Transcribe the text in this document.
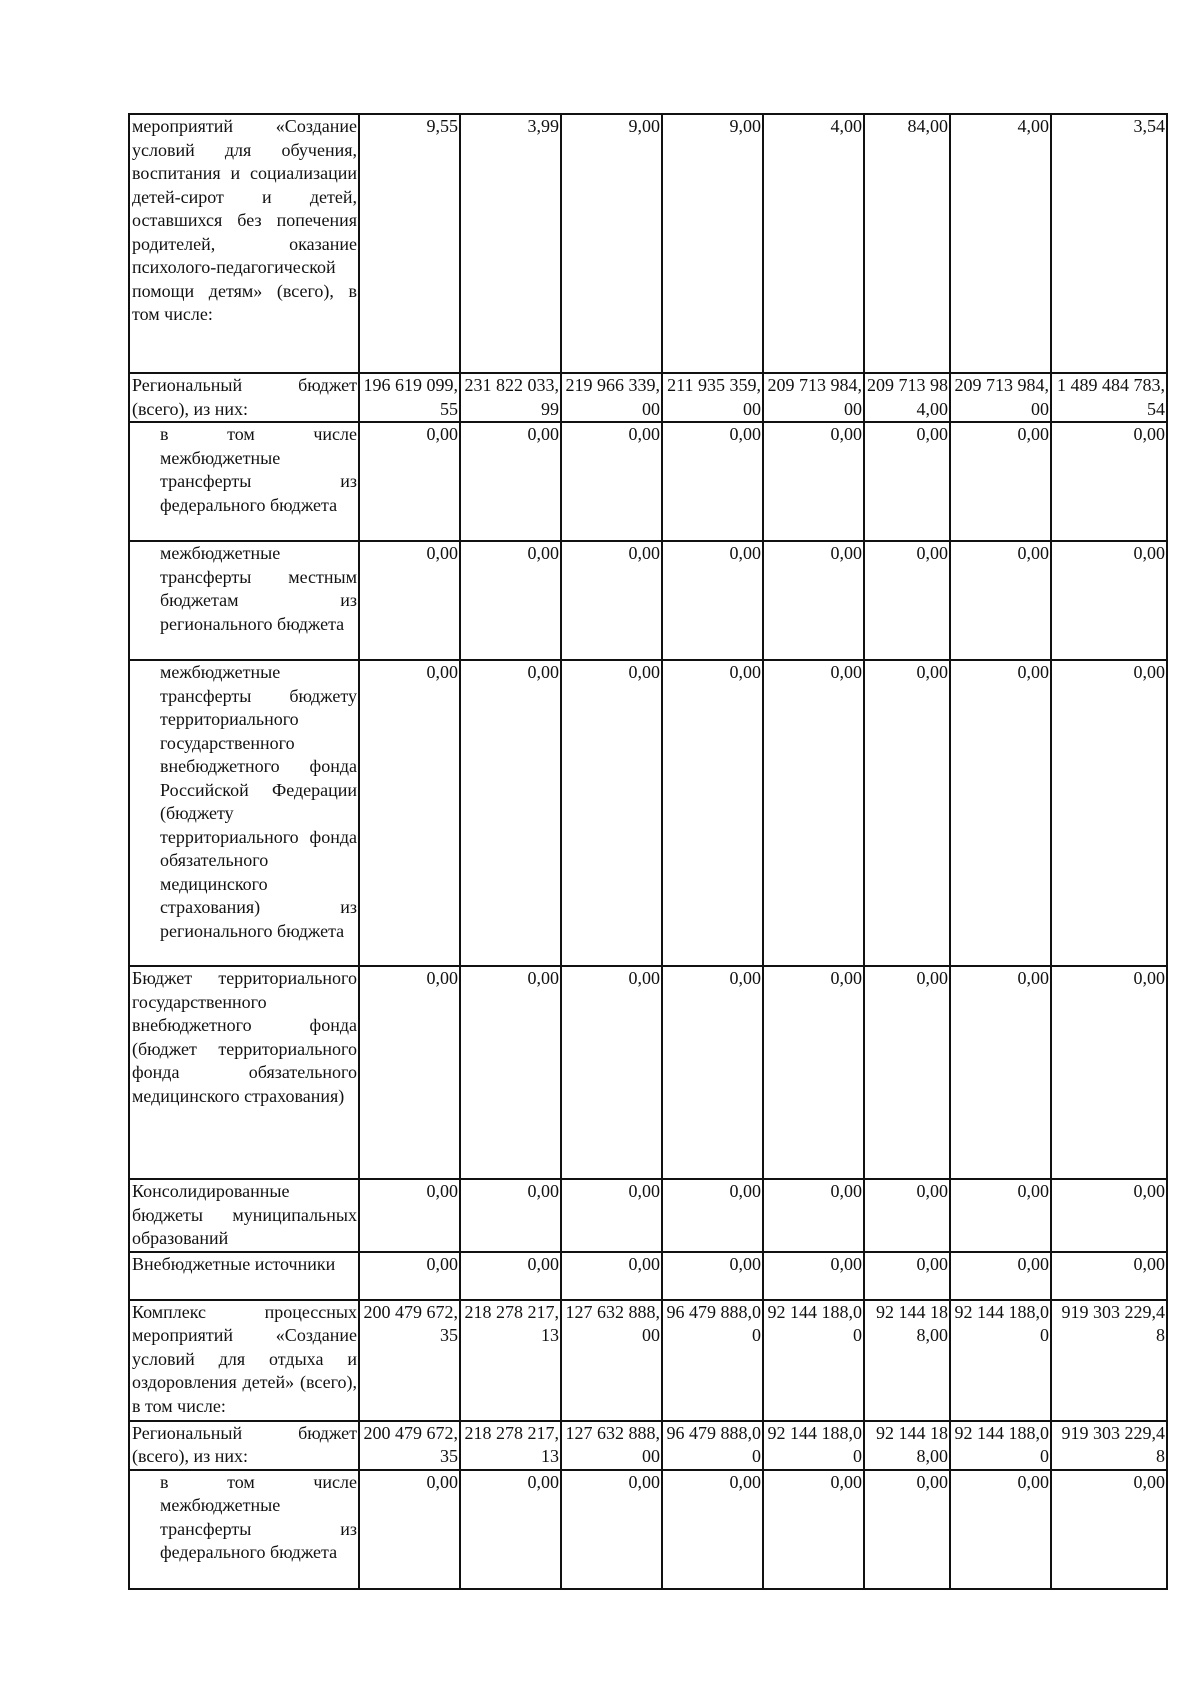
мероприятий «Создание условий для обучения, воспитания и социализации детей-сирот и детей, оставшихся без попечения родителей, оказание психолого-педагогической помощи детям» (всего), в том числе:	9,55	3,99	9,00	9,00	4,00	84,00	4,00	3,54
Региональный бюджет (всего), из них:	196 619 099,55	231 822 033,99	219 966 339,00	211 935 359,00	209 713 984,00	209 713 984,00	209 713 984,00	1 489 484 783,54
в том числе межбюджетные трансферты из федерального бюджета	0,00	0,00	0,00	0,00	0,00	0,00	0,00	0,00
межбюджетные трансферты местным бюджетам из регионального бюджета	0,00	0,00	0,00	0,00	0,00	0,00	0,00	0,00
межбюджетные трансферты бюджету территориального государственного внебюджетного фонда Российской Федерации (бюджету территориального фонда обязательного медицинского страхования) из регионального бюджета	0,00	0,00	0,00	0,00	0,00	0,00	0,00	0,00
Бюджет территориального государственного внебюджетного фонда (бюджет территориального фонда обязательного медицинского страхования)	0,00	0,00	0,00	0,00	0,00	0,00	0,00	0,00
Консолидированные бюджеты муниципальных образований	0,00	0,00	0,00	0,00	0,00	0,00	0,00	0,00
Внебюджетные источники	0,00	0,00	0,00	0,00	0,00	0,00	0,00	0,00
Комплекс процессных мероприятий «Создание условий для отдыха и оздоровления детей» (всего), в том числе:	200 479 672,35	218 278 217,13	127 632 888,00	96 479 888,00	92 144 188,00	92 144 188,00	92 144 188,00	919 303 229,48
Региональный бюджет (всего), из них:	200 479 672,35	218 278 217,13	127 632 888,00	96 479 888,00	92 144 188,00	92 144 188,00	92 144 188,00	919 303 229,48
в том числе межбюджетные трансферты из федерального бюджета	0,00	0,00	0,00	0,00	0,00	0,00	0,00	0,00
